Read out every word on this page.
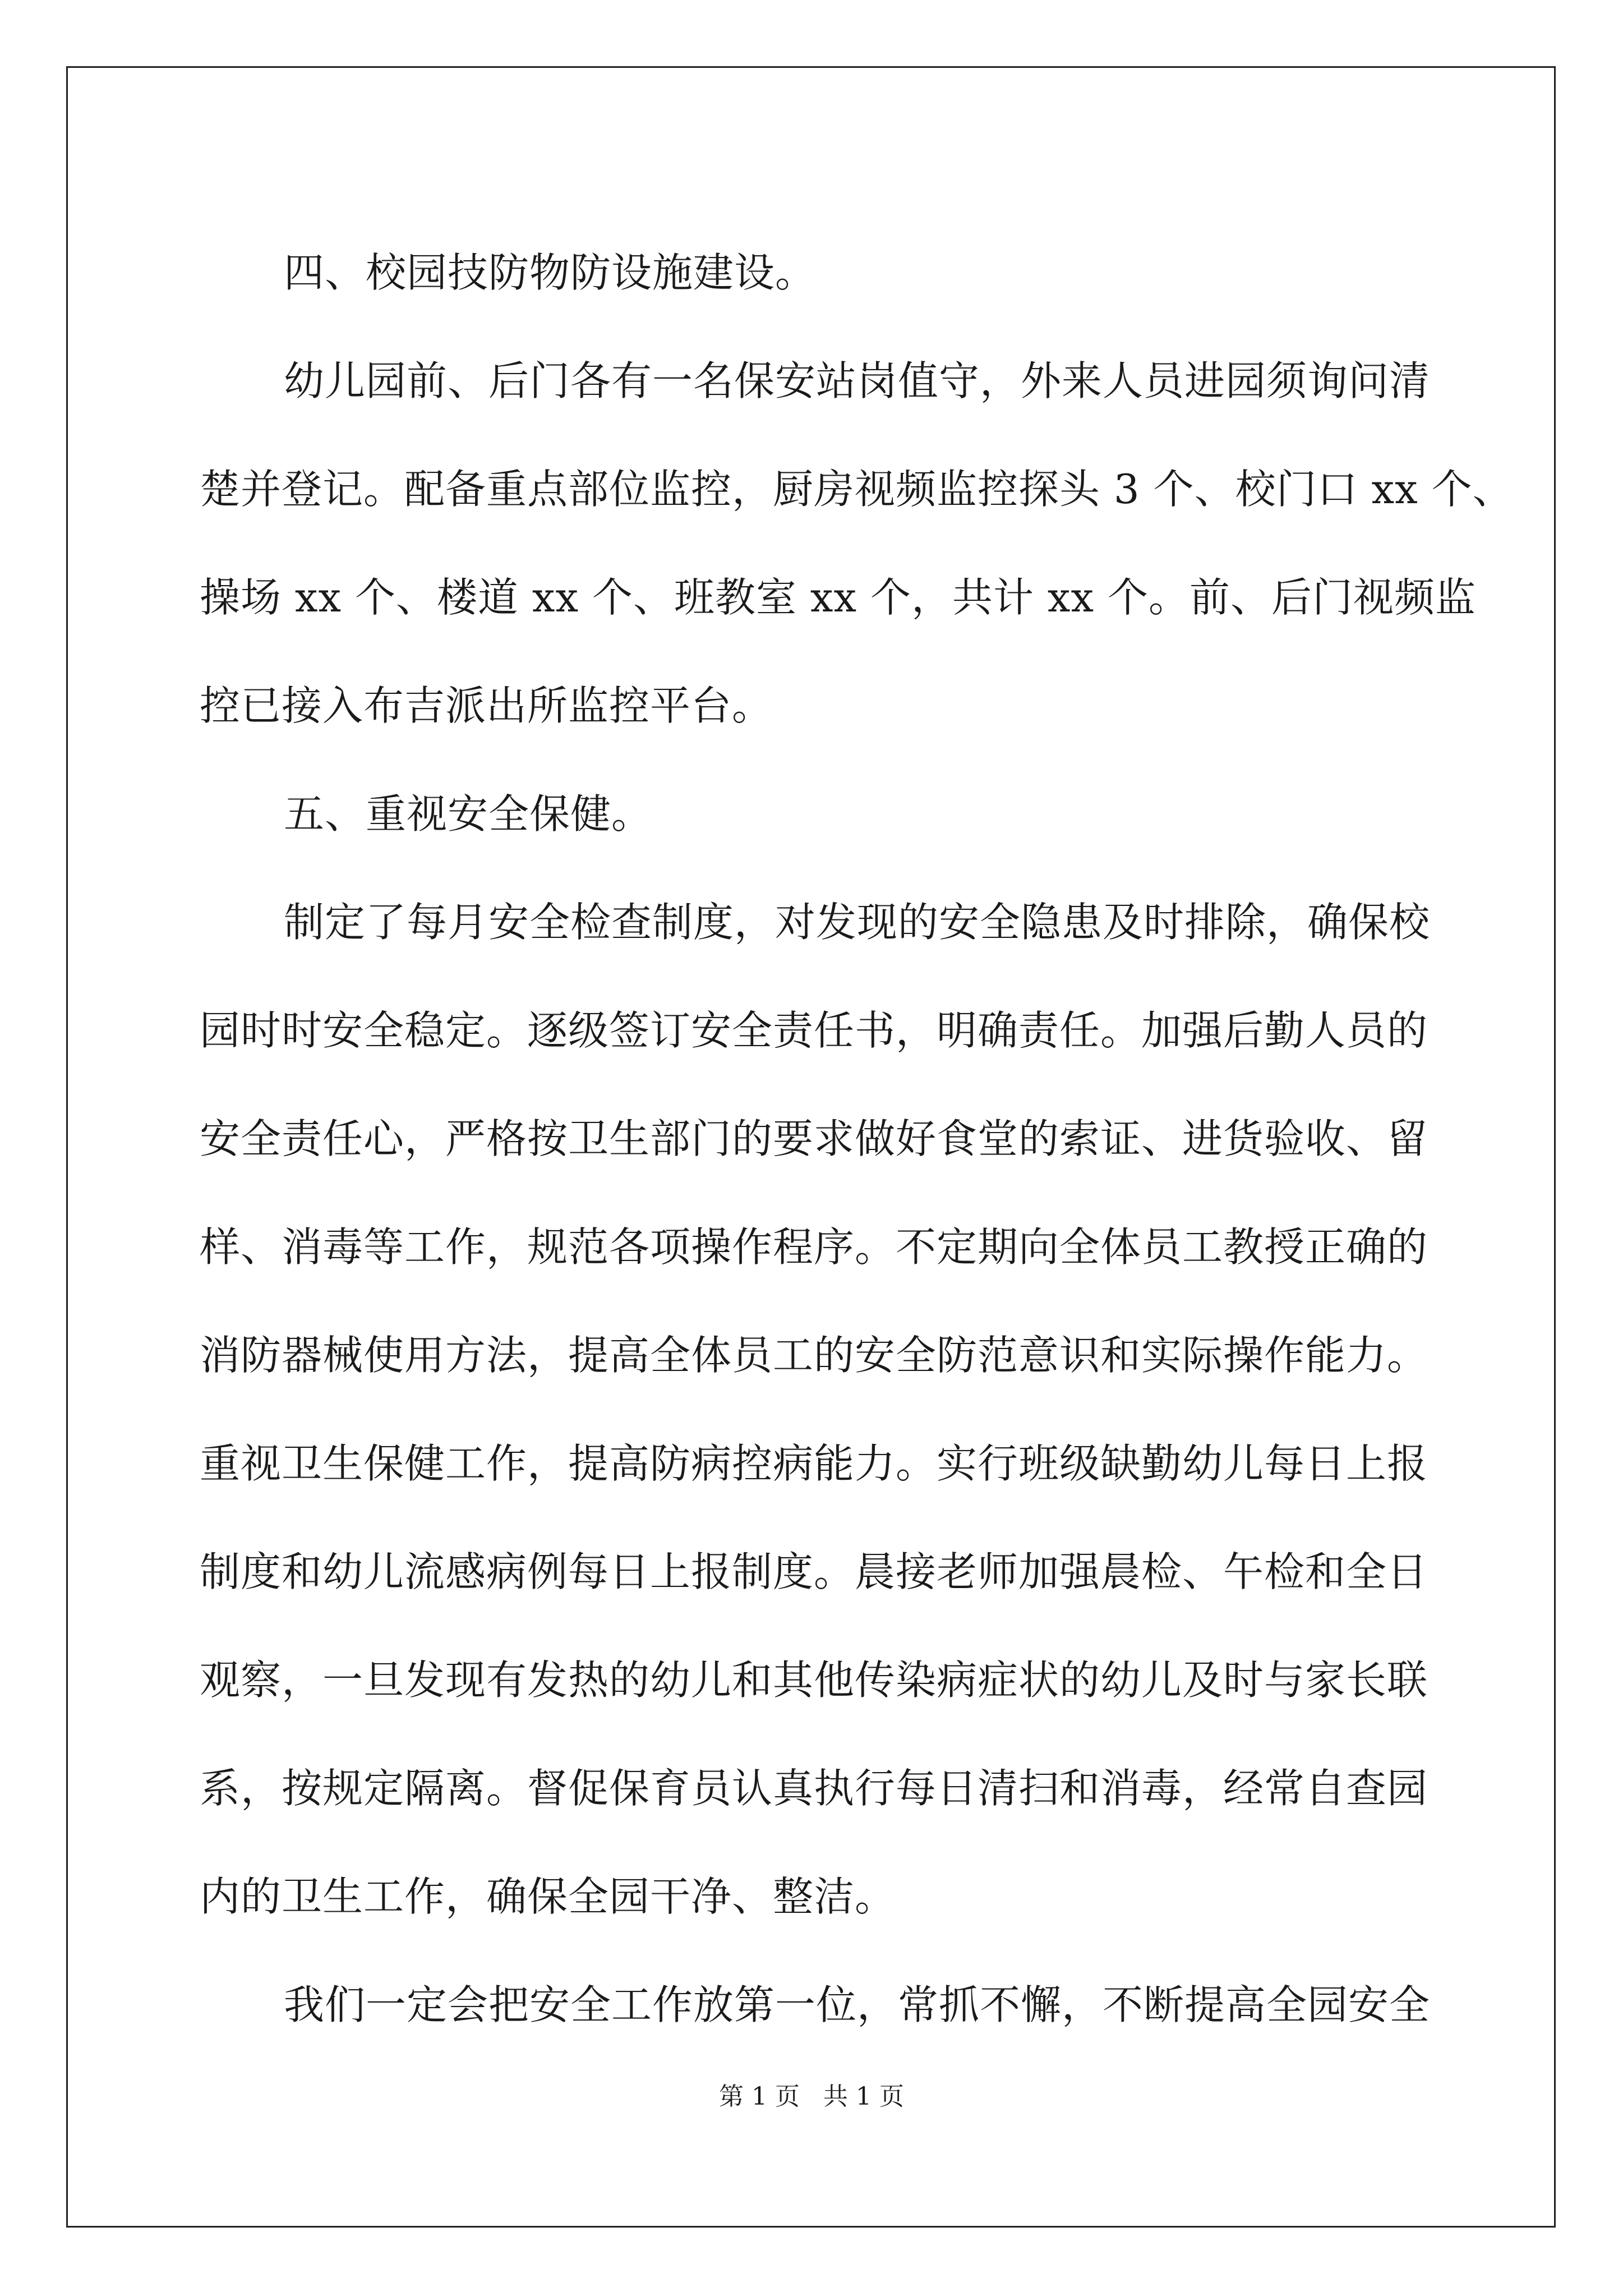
四、校园技防物防设施建设。
幼儿园前、后门各有一名保安站岗值守，外来人员进园须询问清
楚并登记。配备重点部位监控，厨房视频监控探头 3 个、校门口 xx 个、
操场 xx 个、楼道 xx 个、班教室 xx 个，共计 xx 个。前、后门视频监
控已接入布吉派出所监控平台。
五、重视安全保健。
制定了每月安全检查制度，对发现的安全隐患及时排除，确保校
园时时安全稳定。逐级签订安全责任书，明确责任。加强后勤人员的
安全责任心，严格按卫生部门的要求做好食堂的索证、进货验收、留
样、消毒等工作，规范各项操作程序。不定期向全体员工教授正确的
消防器械使用方法，提高全体员工的安全防范意识和实际操作能力。
重视卫生保健工作，提高防病控病能力。实行班级缺勤幼儿每日上报
制度和幼儿流感病例每日上报制度。晨接老师加强晨检、午检和全日
观察，一旦发现有发热的幼儿和其他传染病症状的幼儿及时与家长联
系，按规定隔离。督促保育员认真执行每日清扫和消毒，经常自查园
内的卫生工作，确保全园干净、整洁。
我们一定会把安全工作放第一位，常抓不懈，不断提高全园安全
第 1 页   共 1 页
